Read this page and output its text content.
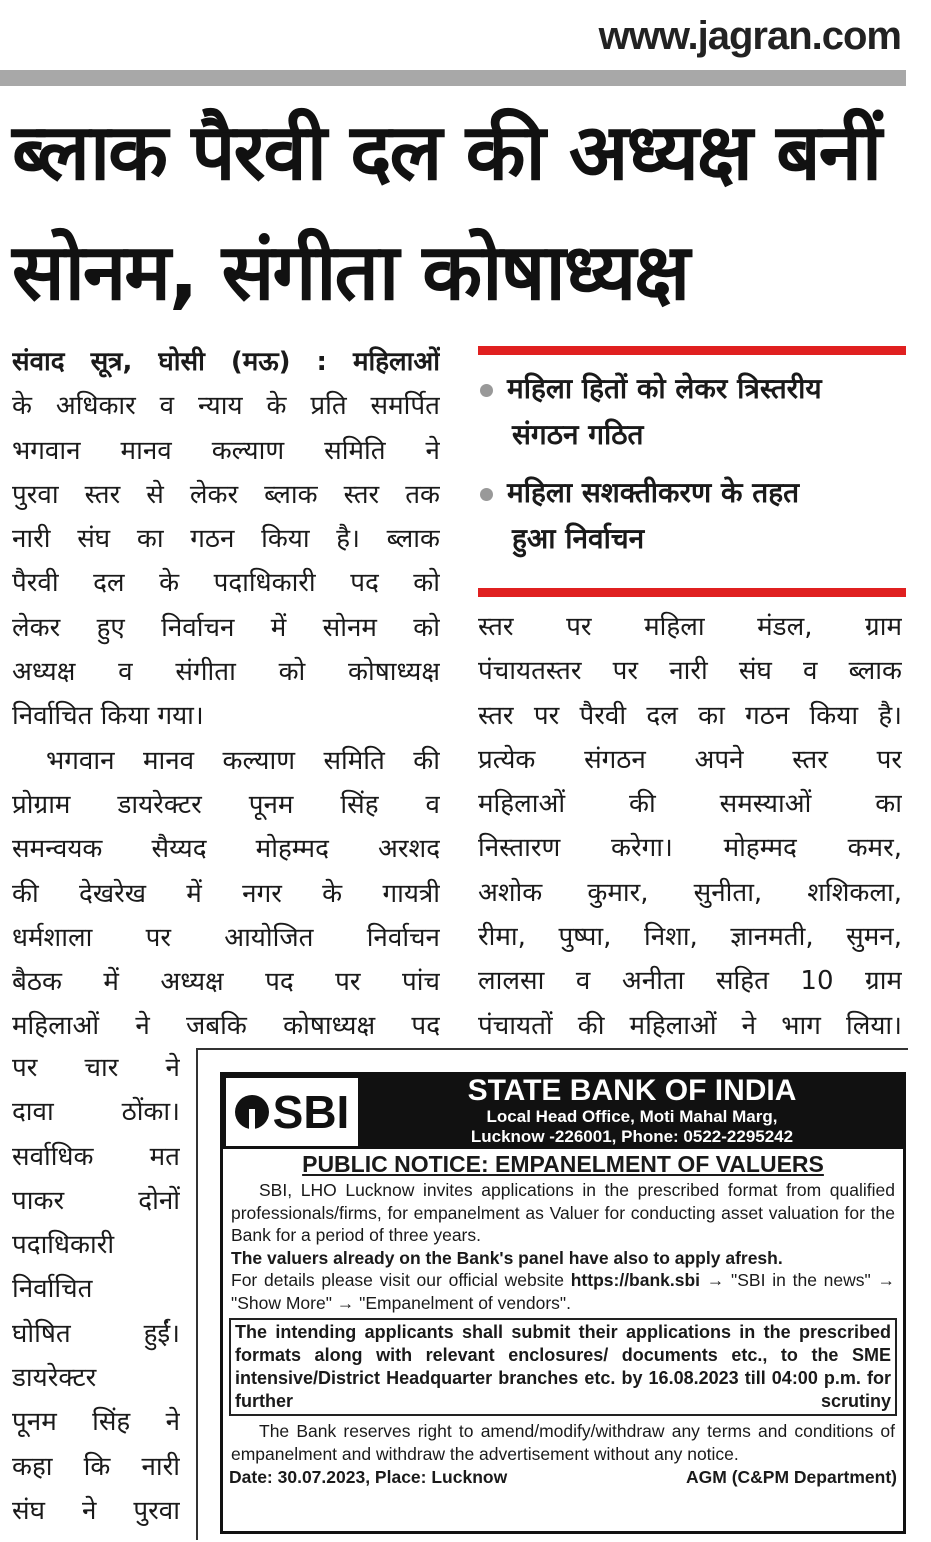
www.jagran.com
ब्लाक पैरवी दल की अध्यक्ष बनीं
सोनम, संगीता कोषाध्यक्ष
संवाद सूत्र, घोसी (मऊ) : महिलाओं
के अधिकार व न्याय के प्रति समर्पित
भगवान मानव कल्याण समिति ने
पुरवा स्तर से लेकर ब्लाक स्तर तक
नारी संघ का गठन किया है। ब्लाक
पैरवी दल के पदाधिकारी पद को
लेकर हुए निर्वाचन में सोनम को
अध्यक्ष व संगीता को कोषाध्यक्ष
निर्वाचित किया गया।
भगवान मानव कल्याण समिति की
प्रोग्राम डायरेक्टर पूनम सिंह व
समन्वयक सैय्यद मोहम्मद अरशद
की देखरेख में नगर के गायत्री
धर्मशाला पर आयोजित निर्वाचन
बैठक में अध्यक्ष पद पर पांच
महिलाओं ने जबकि कोषाध्यक्ष पद
पर चार ने
दावा ठोंका।
सर्वाधिक मत
पाकर दोनों
पदाधिकारी
निर्वाचित
घोषित हुईं।
डायरेक्टर
पूनम सिंह ने
कहा कि नारी
संघ ने पुरवा
स्तर पर महिला मंडल, ग्राम
पंचायतस्तर पर नारी संघ व ब्लाक
स्तर पर पैरवी दल का गठन किया है।
प्रत्येक संगठन अपने स्तर पर
महिलाओं की समस्याओं का
निस्तारण करेगा। मोहम्मद कमर,
अशोक कुमार, सुनीता, शशिकला,
रीमा, पुष्पा, निशा, ज्ञानमती, सुमन,
लालसा व अनीता सहित 10 ग्राम
पंचायतों की महिलाओं ने भाग लिया।
महिला हितों को लेकर त्रिस्तरीय
संगठन गठित
महिला सशक्तीकरण के तहत
हुआ निर्वाचन
SBI	STATE BANK OF INDIA
Local Head Office, Moti Mahal Marg,
Lucknow -226001, Phone: 0522-2295242
PUBLIC NOTICE: EMPANELMENT OF VALUERS
SBI, LHO Lucknow invites applications in the prescribed format from qualified professionals/firms, for empanelment as Valuer for conducting asset valuation for the Bank for a period of three years.
The valuers already on the Bank's panel have also to apply afresh.
For details please visit our official website https://bank.sbi → "SBI in the news" → "Show More" → "Empanelment of vendors".
The intending applicants shall submit their applications in the prescribed formats along with relevant enclosures/ documents etc., to the SME intensive/District Headquarter branches etc. by 16.08.2023 till 04:00 p.m. for further scrutiny
The Bank reserves right to amend/modify/withdraw any terms and conditions of empanelment and withdraw the advertisement without any notice.
Date: 30.07.2023, Place: Lucknow	AGM (C&PM Department)
